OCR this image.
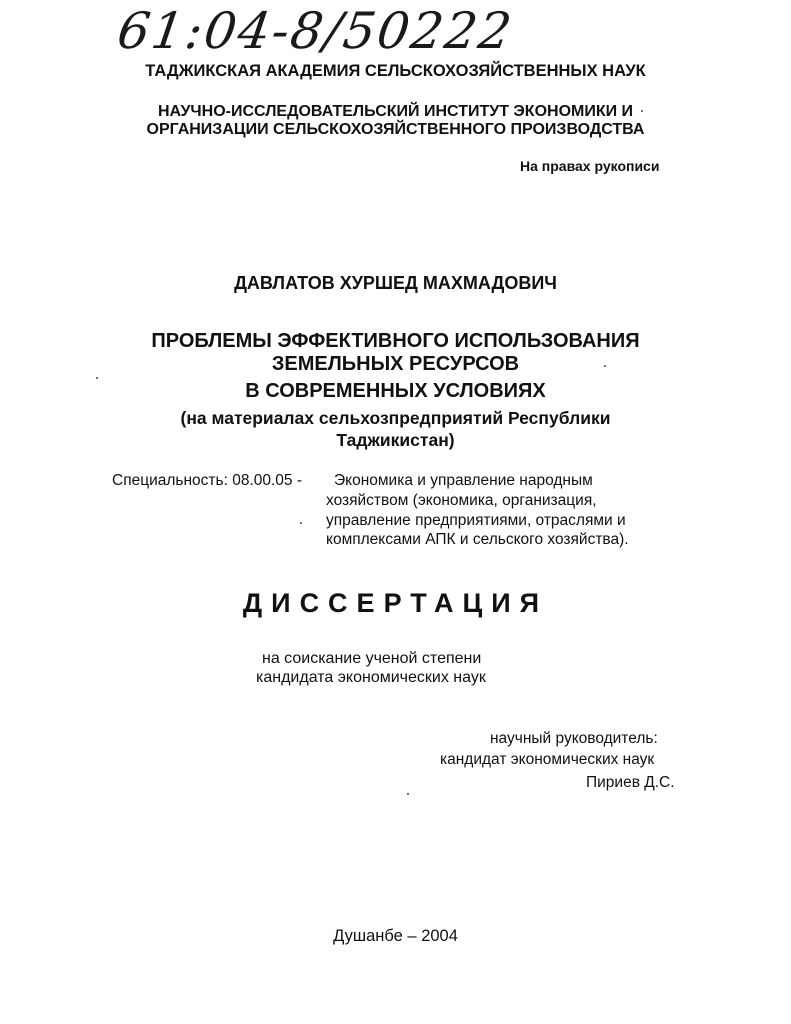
61:04-8/50222
ТАДЖИКСКАЯ АКАДЕМИЯ СЕЛЬСКОХОЗЯЙСТВЕННЫХ НАУК
НАУЧНО-ИССЛЕДОВАТЕЛЬСКИЙ ИНСТИТУТ ЭКОНОМИКИ И
ОРГАНИЗАЦИИ СЕЛЬСКОХОЗЯЙСТВЕННОГО ПРОИЗВОДСТВА
На правах рукописи
ДАВЛАТОВ ХУРШЕД МАХМАДОВИЧ
ПРОБЛЕМЫ ЭФФЕКТИВНОГО ИСПОЛЬЗОВАНИЯ
ЗЕМЕЛЬНЫХ РЕСУРСОВ
В СОВРЕМЕННЫХ УСЛОВИЯХ
(на материалах сельхозпредприятий Республики
Таджикистан)
Специальность: 08.00.05 - Экономика и управление народным
хозяйством (экономика, организация,
управление предприятиями, отраслями и
комплексами АПК и сельского хозяйства).
ДИССЕРТАЦИЯ
на соискание ученой степени
кандидата экономических наук
научный руководитель:
кандидат экономических наук
Пириев Д.С.
Душанбе – 2004
